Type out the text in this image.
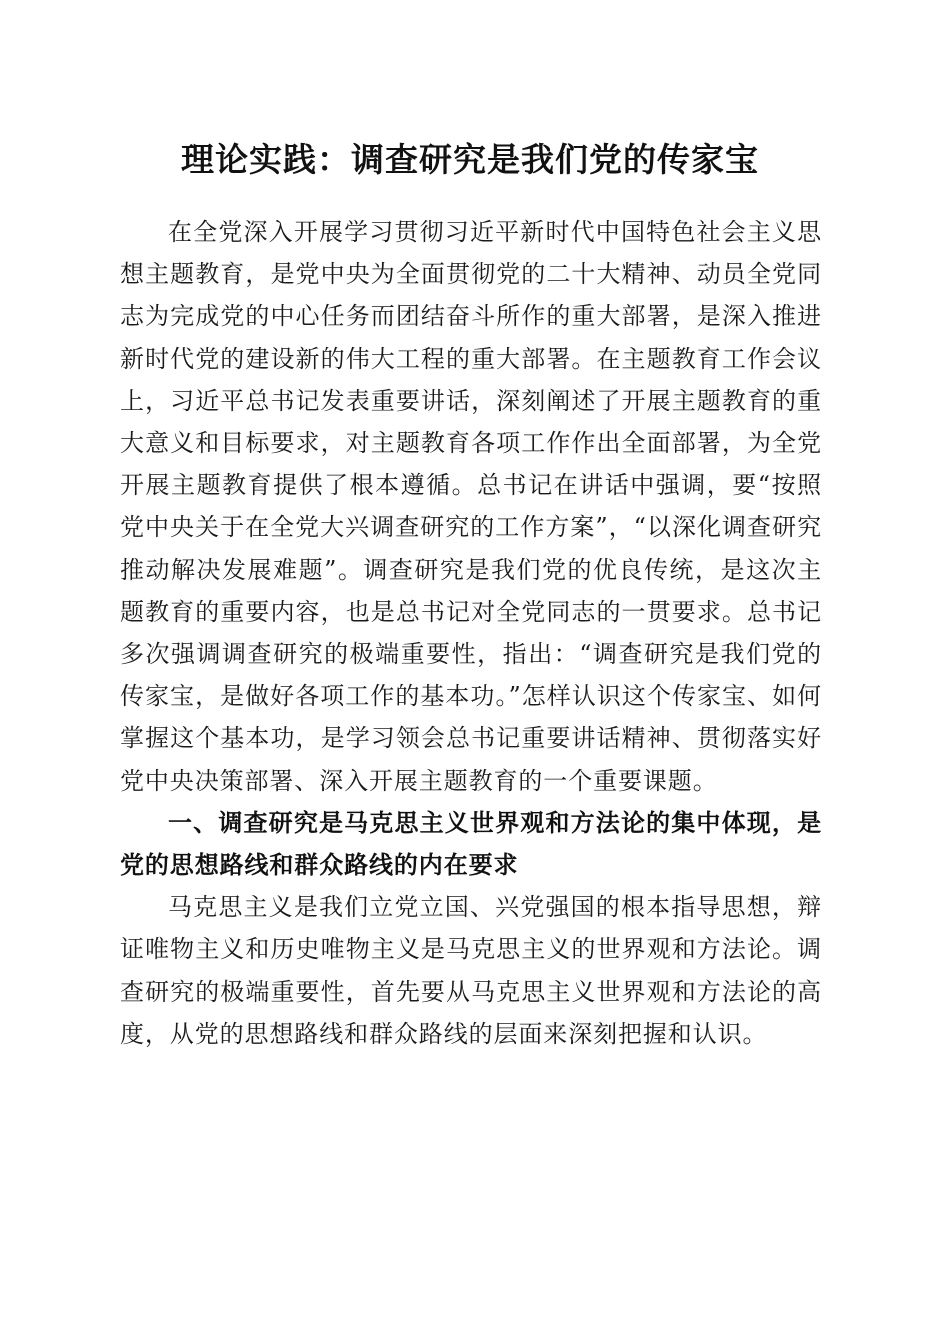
理论实践：调查研究是我们党的传家宝

在全党深入开展学习贯彻习近平新时代中国特色社会主义思想主题教育，是党中央为全面贯彻党的二十大精神、动员全党同志为完成党的中心任务而团结奋斗所作的重大部署，是深入推进新时代党的建设新的伟大工程的重大部署。在主题教育工作会议上，习近平总书记发表重要讲话，深刻阐述了开展主题教育的重大意义和目标要求，对主题教育各项工作作出全面部署，为全党开展主题教育提供了根本遵循。总书记在讲话中强调，要“按照党中央关于在全党大兴调查研究的工作方案”，“以深化调查研究推动解决发展难题”。调查研究是我们党的优良传统，是这次主题教育的重要内容，也是总书记对全党同志的一贯要求。总书记多次强调调查研究的极端重要性，指出：“调查研究是我们党的传家宝，是做好各项工作的基本功。”怎样认识这个传家宝、如何掌握这个基本功，是学习领会总书记重要讲话精神、贯彻落实好党中央决策部署、深入开展主题教育的一个重要课题。

一、调查研究是马克思主义世界观和方法论的集中体现，是党的思想路线和群众路线的内在要求

马克思主义是我们立党立国、兴党强国的根本指导思想，辩证唯物主义和历史唯物主义是马克思主义的世界观和方法论。调查研究的极端重要性，首先要从马克思主义世界观和方法论的高度，从党的思想路线和群众路线的层面来深刻把握和认识。
